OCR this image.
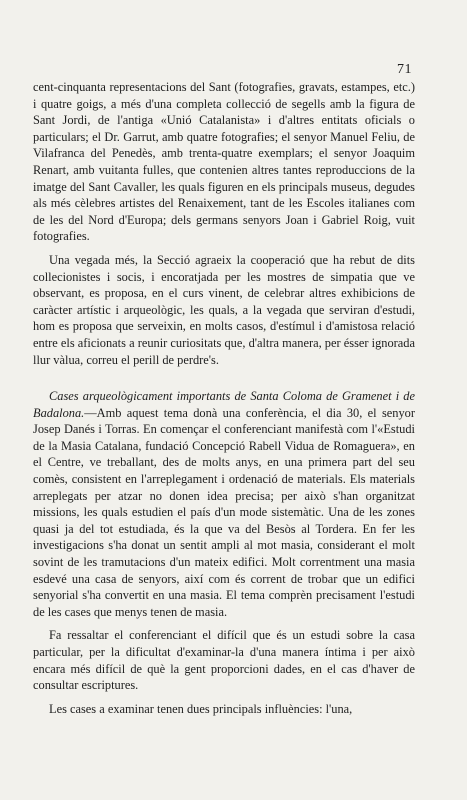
71

cent-cinquanta representacions del Sant (fotografies, gravats, estampes, etc.) i quatre goigs, a més d'una completa collecció de segells amb la figura de Sant Jordi, de l'antiga «Unió Catalanista» i d'altres entitats oficials o particulars; el Dr. Garrut, amb quatre fotografies; el senyor Manuel Feliu, de Vilafranca del Penedès, amb trenta-quatre exemplars; el senyor Joaquim Renart, amb vuitanta fulles, que contenien altres tantes reproduccions de la imatge del Sant Cavaller, les quals figuren en els principals museus, degudes als més cèlebres artistes del Renaixement, tant de les Escoles italianes com de les del Nord d'Europa; dels germans senyors Joan i Gabriel Roig, vuit fotografies.

Una vegada més, la Secció agraeix la cooperació que ha rebut de dits collecionistes i socis, i encoratjada per les mostres de simpatia que ve observant, es proposa, en el curs vinent, de celebrar altres exhibicions de caràcter artístic i arqueològic, les quals, a la vegada que serviran d'estudi, hom es proposa que serveixin, en molts casos, d'estímul i d'amistosa relació entre els aficionats a reunir curiositats que, d'altra manera, per ésser ignorada llur vàlua, correu el perill de perdre's.

Cases arqueològicament importants de Santa Coloma de Gramenet i de Badalona.—Amb aquest tema donà una conferència, el dia 30, el senyor Josep Danés i Torras. En començar el conferenciant manifestà com l'«Estudi de la Masia Catalana, fundació Concepció Rabell Vidua de Romaguera», en el Centre, ve treballant, des de molts anys, en una primera part del seu comès, consistent en l'arreplegament i ordenació de materials. Els materials arreplegats per atzar no donen idea precisa; per això s'han organitzat missions, les quals estudien el país d'un mode sistemàtic. Una de les zones quasi ja del tot estudiada, és la que va del Besòs al Tordera. En fer les investigacions s'ha donat un sentit ampli al mot masia, considerant el molt sovint de les tramutacions d'un mateix edifici. Molt correntment una masia esdevé una casa de senyors, així com és corrent de trobar que un edifici senyorial s'ha convertit en una masia. El tema comprèn precisament l'estudi de les cases que menys tenen de masia.

Fa ressaltar el conferenciant el difícil que és un estudi sobre la casa particular, per la dificultat d'examinar-la d'una manera íntima i per això encara més difícil de què la gent proporcioni dades, en el cas d'haver de consultar escriptures.

Les cases a examinar tenen dues principals influències: l'una,
